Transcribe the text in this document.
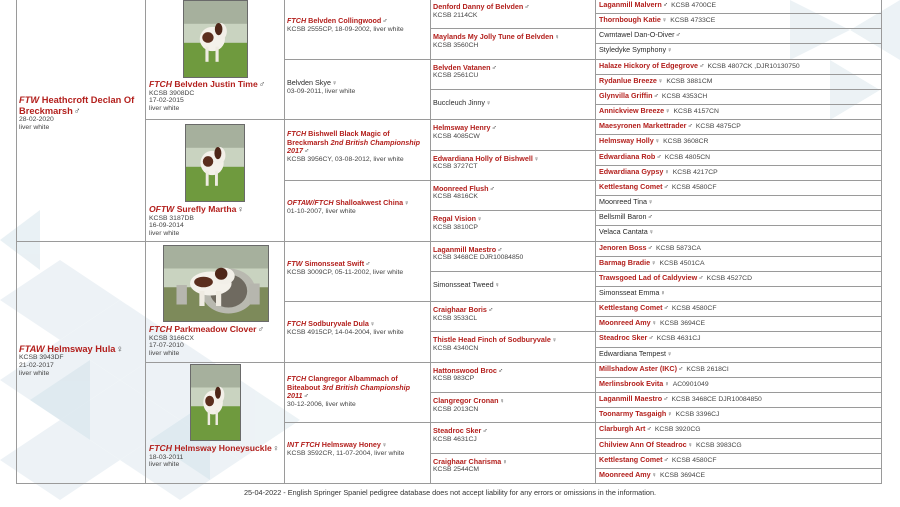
FTW Heathcroft Declan Of Breckmarsh♂
28-02-2020
liver white
FTAW Helmsway Hula♀
KCSB 3943DF
21-02-2017
liver white
FTCH Belvden Justin Time♂
KCSB 3908DC
17-02-2015
liver white
OFTW Surefly Martha♀
KCSB 3187DB
16-09-2014
liver white
FTCH Parkmeadow Clover♂
KCSB 3166CX
17-07-2010
liver white
FTCH Helmsway Honeysuckle♀
18-03-2011
liver white
FTCH Belvden Collingwood♂
KCSB 2555CP, 18-09-2002, liver white
Belvden Skye♀
03-09-2011, liver white
FTCH Bishwell Black Magic of Breckmarsh 2nd British Championship 2017♂
KCSB 3956CY, 03-08-2012, liver white
OFTAW/FTCH Shalloakwest China♀
01-10-2007, liver white
FTW Simonsseat Swift♂
KCSB 3009CP, 05-11-2002, liver white
FTCH Sodburyvale Dula♀
KCSB 4915CP, 14-04-2004, liver white
FTCH Clangregor Albammach of Biteabout 3rd British Championship 2011♂
30-12-2006, liver white
INT FTCH Helmsway Honey♀
KCSB 3592CR, 11-07-2004, liver white
Denford Danny of Belvden♂
KCSB 2114CK
Maylands My Jolly Tune of Belvden♀
KCSB 3560CH
Belvden Vatanen♂
KCSB 2561CU
Buccleuch Jinny♀
Helmsway Henry♂
KCSB 4085CW
Edwardiana Holly of Bishwell♀
KCSB 3727CT
Moonreed Flush♂
KCSB 4816CK
Regal Vision♀
KCSB 3810CP
Laganmill Maestro♂
KCSB 3468CE DJR10084850
Simonsseat Tweed♀
Craighaar Boris♂
KCSB 3533CL
Thistle Head Finch of Sodburyvale♀
KCSB 4340CN
Hattonswood Broc♂
KCSB 983CP
Clangregor Cronan♀
KCSB 2013CN
Steadroc Sker♂
KCSB 4631CJ
Craighaar Charisma♀
KCSB 2544CM
Laganmill Malvern♂ KCSB 4700CE
Thornbough Katie♀ KCSB 4733CE
Cwmtawel Dan-O-Diver♂
Styledyke Symphony♀
Halaze Hickory of Edgegrove♂ KCSB 4807CK ,DJR10130750
Rydanlue Breeze♀ KCSB 3881CM
Glynvilla Griffin♂ KCSB 4353CH
Annickview Breeze♀ KCSB 4157CN
Maesyronen Markettrader♂ KCSB 4875CP
Helmsway Holly♀ KCSB 3608CR
Edwardiana Rob♂ KCSB 4805CN
Edwardiana Gypsy♀ KCSB 4217CP
Kettlestang Comet♂ KCSB 4580CF
Moonreed Tina♀
Bellsmill Baron♂
Velaca Cantata♀
Jenoren Boss♂ KCSB 5873CA
Barmag Bradie♀ KCSB 4501CA
Trawsgoed Lad of Caldyview♂ KCSB 4527CD
Simonsseat Emma♀
Kettlestang Comet♂ KCSB 4580CF
Moonreed Amy♀ KCSB 3694CE
Steadroc Sker♂ KCSB 4631CJ
Edwardiana Tempest♀
Millshadow Aster (IKC)♂ KCSB 2618CI
Merlinsbrook Evita♀ AC0901049
Laganmill Maestro♂ KCSB 3468CE DJR10084850
Toonarmy Tasgaigh♀ KCSB 3396CJ
Clarburgh Art♂ KCSB 3920CG
Chilview Ann Of Steadroc♀ KCSB 3983CG
Kettlestang Comet♂ KCSB 4580CF
Moonreed Amy♀ KCSB 3694CE
25-04-2022 - English Springer Spaniel pedigree database does not accept liability for any errors or omissions in the information.
